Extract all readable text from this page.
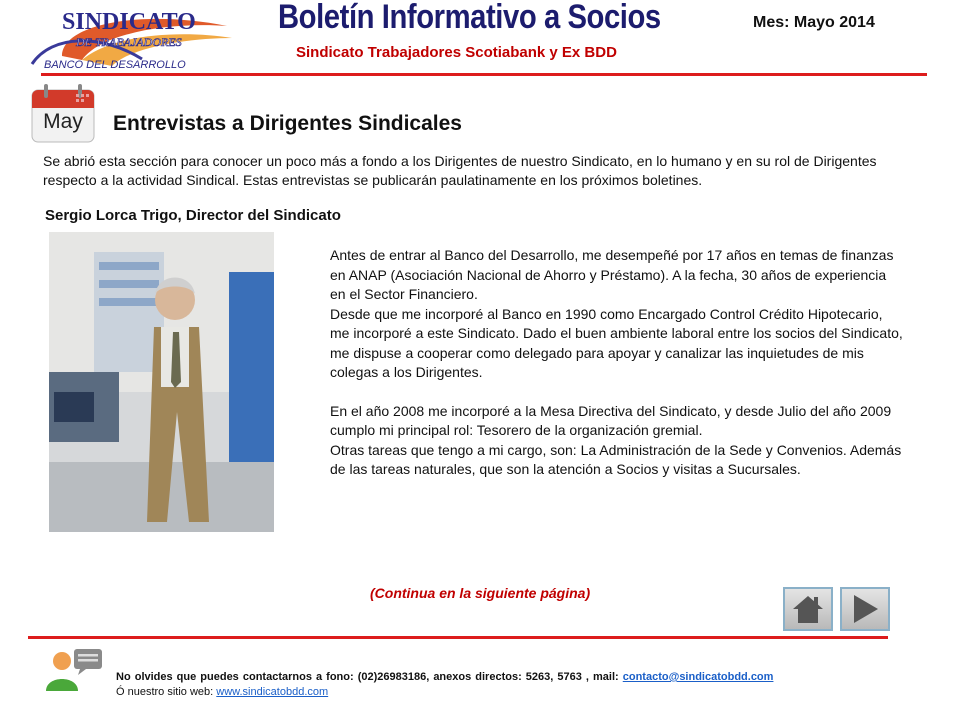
SINDICATO
DE TRABAJADORES
BANCO DEL DESARROLLO
Boletín Informativo a Socios
Sindicato Trabajadores Scotiabank y Ex BDD
Mes: Mayo 2014
May	Entrevistas a Dirigentes Sindicales
Se abrió esta sección para conocer un poco más a fondo a los Dirigentes de nuestro Sindicato, en lo humano y en su rol de Dirigentes respecto a la actividad Sindical. Estas entrevistas se publicarán paulatinamente en los próximos boletines.
Sergio Lorca Trigo, Director del Sindicato

Antes de entrar al Banco del Desarrollo, me desempeñé por 17 años en temas de finanzas en ANAP (Asociación Nacional de Ahorro y Préstamo). A la fecha, 30 años de experiencia en el Sector Financiero.

Desde que me incorporé al Banco en 1990 como Encargado Control Crédito Hipotecario, me incorporé a este Sindicato. Dado el buen ambiente laboral entre los socios del Sindicato, me dispuse a cooperar como delegado para apoyar y canalizar las inquietudes de mis colegas a los Dirigentes.

En el año 2008 me incorporé a la Mesa Directiva del Sindicato, y desde Julio del año 2009 cumplo mi principal rol: Tesorero de la organización gremial.

Otras tareas que tengo a mi cargo, son: La Administración de la Sede y Convenios. Además de las tareas naturales, que son la atención a Socios y visitas a Sucursales.

(Continua en la siguiente página)
No olvides que puedes contactarnos a fono: (02)26983186, anexos directos: 5263, 5763 , mail: contacto@sindicatobdd.com
Ó nuestro sitio web: www.sindicatobdd.com
